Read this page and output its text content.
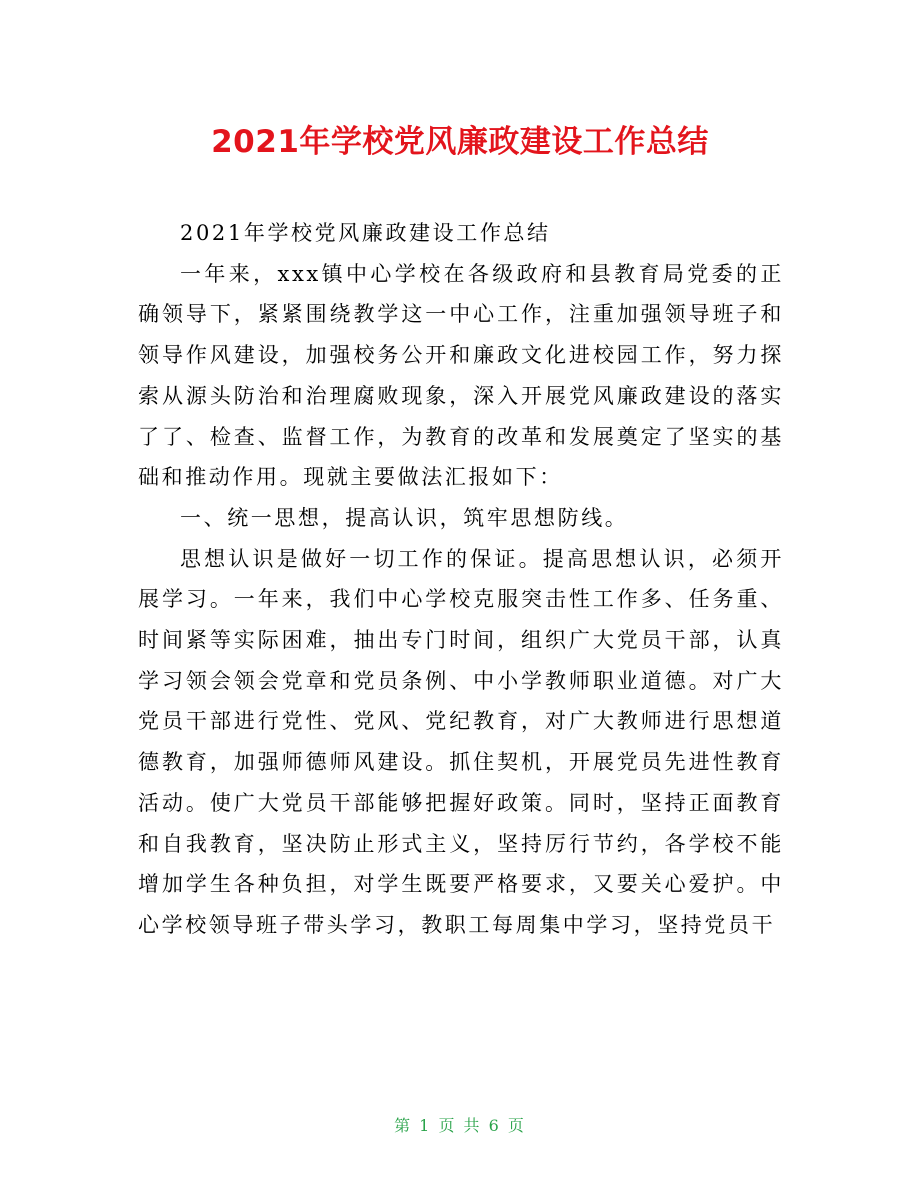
2021年学校党风廉政建设工作总结

2021年学校党风廉政建设工作总结

一年来，xxx镇中心学校在各级政府和县教育局党委的正确领导下，紧紧围绕教学这一中心工作，注重加强领导班子和领导作风建设，加强校务公开和廉政文化进校园工作，努力探索从源头防治和治理腐败现象，深入开展党风廉政建设的落实了了、检查、监督工作，为教育的改革和发展奠定了坚实的基础和推动作用。现就主要做法汇报如下：

一、统一思想，提高认识，筑牢思想防线。

思想认识是做好一切工作的保证。提高思想认识，必须开展学习。一年来，我们中心学校克服突击性工作多、任务重、时间紧等实际困难，抽出专门时间，组织广大党员干部，认真学习领会领会党章和党员条例、中小学教师职业道德。对广大党员干部进行党性、党风、党纪教育，对广大教师进行思想道德教育，加强师德师风建设。抓住契机，开展党员先进性教育活动。使广大党员干部能够把握好政策。同时，坚持正面教育和自我教育，坚决防止形式主义，坚持厉行节约，各学校不能增加学生各种负担，对学生既要严格要求，又要关心爱护。中心学校领导班子带头学习，教职工每周集中学习，坚持党员干

第 1 页 共 6 页
